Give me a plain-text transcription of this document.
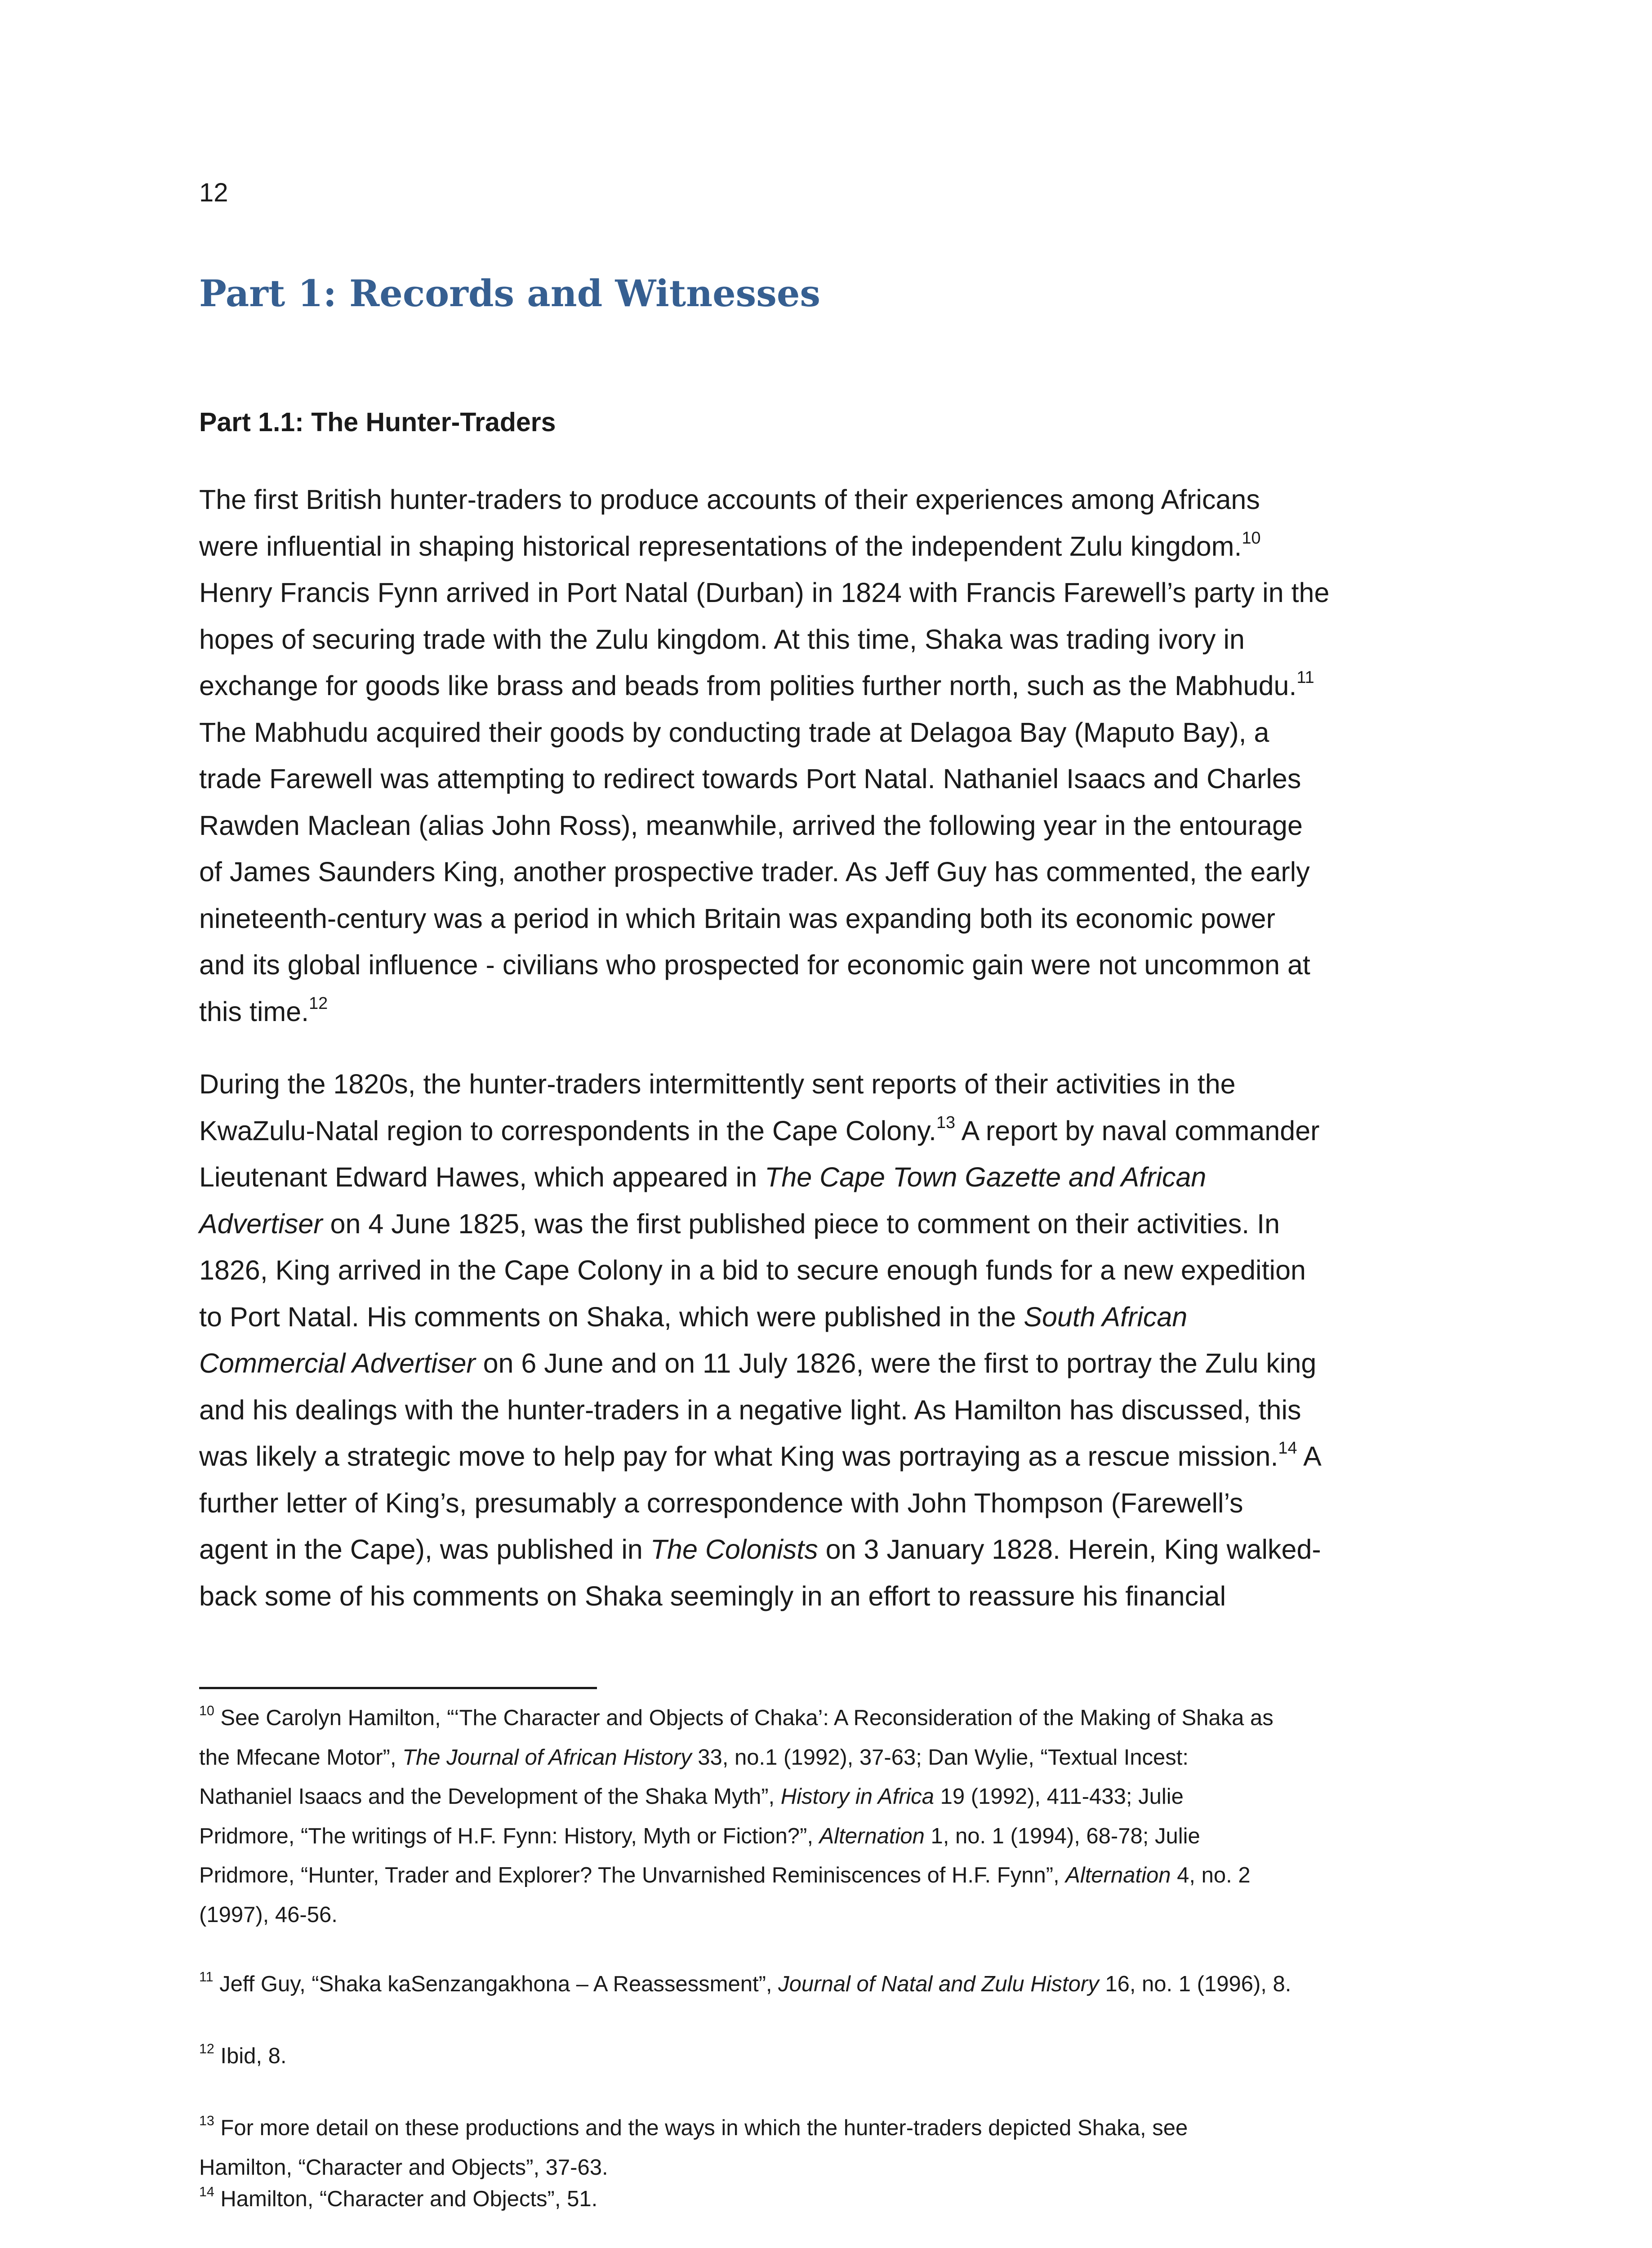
12
Part 1: Records and Witnesses
Part 1.1: The Hunter-Traders

The first British hunter-traders to produce accounts of their experiences among Africans
were influential in shaping historical representations of the independent Zulu kingdom.$^{10}$
Henry Francis Fynn arrived in Port Natal (Durban) in 1824 with Francis Farewell’s party in the
hopes of securing trade with the Zulu kingdom. At this time, Shaka was trading ivory in
exchange for goods like brass and beads from polities further north, such as the Mabhudu.$^{11}$
The Mabhudu acquired their goods by conducting trade at Delagoa Bay (Maputo Bay), a
trade Farewell was attempting to redirect towards Port Natal. Nathaniel Isaacs and Charles
Rawden Maclean (alias John Ross), meanwhile, arrived the following year in the entourage
of James Saunders King, another prospective trader. As Jeff Guy has commented, the early
nineteenth-century was a period in which Britain was expanding both its economic power
and its global influence - civilians who prospected for economic gain were not uncommon at
this time.$^{12}$

During the 1820s, the hunter-traders intermittently sent reports of their activities in the
KwaZulu-Natal region to correspondents in the Cape Colony.$^{13}$ A report by naval commander
Lieutenant Edward Hawes, which appeared in The Cape Town Gazette and African
Advertiser on 4 June 1825, was the first published piece to comment on their activities. In
1826, King arrived in the Cape Colony in a bid to secure enough funds for a new expedition
to Port Natal. His comments on Shaka, which were published in the South African
Commercial Advertiser on 6 June and on 11 July 1826, were the first to portray the Zulu king
and his dealings with the hunter-traders in a negative light. As Hamilton has discussed, this
was likely a strategic move to help pay for what King was portraying as a rescue mission.$^{14}$ A
further letter of King’s, presumably a correspondence with John Thompson (Farewell’s
agent in the Cape), was published in The Colonists on 3 January 1828. Herein, King walked-
back some of his comments on Shaka seemingly in an effort to reassure his financial

$^{10}$ See Carolyn Hamilton, “‘The Character and Objects of Chaka’: A Reconsideration of the Making of Shaka as
the Mfecane Motor”, The Journal of African History 33, no.1 (1992), 37-63; Dan Wylie, “Textual Incest:
Nathaniel Isaacs and the Development of the Shaka Myth”, History in Africa 19 (1992), 411-433; Julie
Pridmore, “The writings of H.F. Fynn: History, Myth or Fiction?”, Alternation 1, no. 1 (1994), 68-78; Julie
Pridmore, “Hunter, Trader and Explorer? The Unvarnished Reminiscences of H.F. Fynn”, Alternation 4, no. 2
(1997), 46-56.

$^{11}$ Jeff Guy, “Shaka kaSenzangakhona – A Reassessment”, Journal of Natal and Zulu History 16, no. 1 (1996), 8.

$^{12}$ Ibid, 8.

$^{13}$ For more detail on these productions and the ways in which the hunter-traders depicted Shaka, see
Hamilton, “Character and Objects”, 37-63.

$^{14}$ Hamilton, “Character and Objects”, 51.
